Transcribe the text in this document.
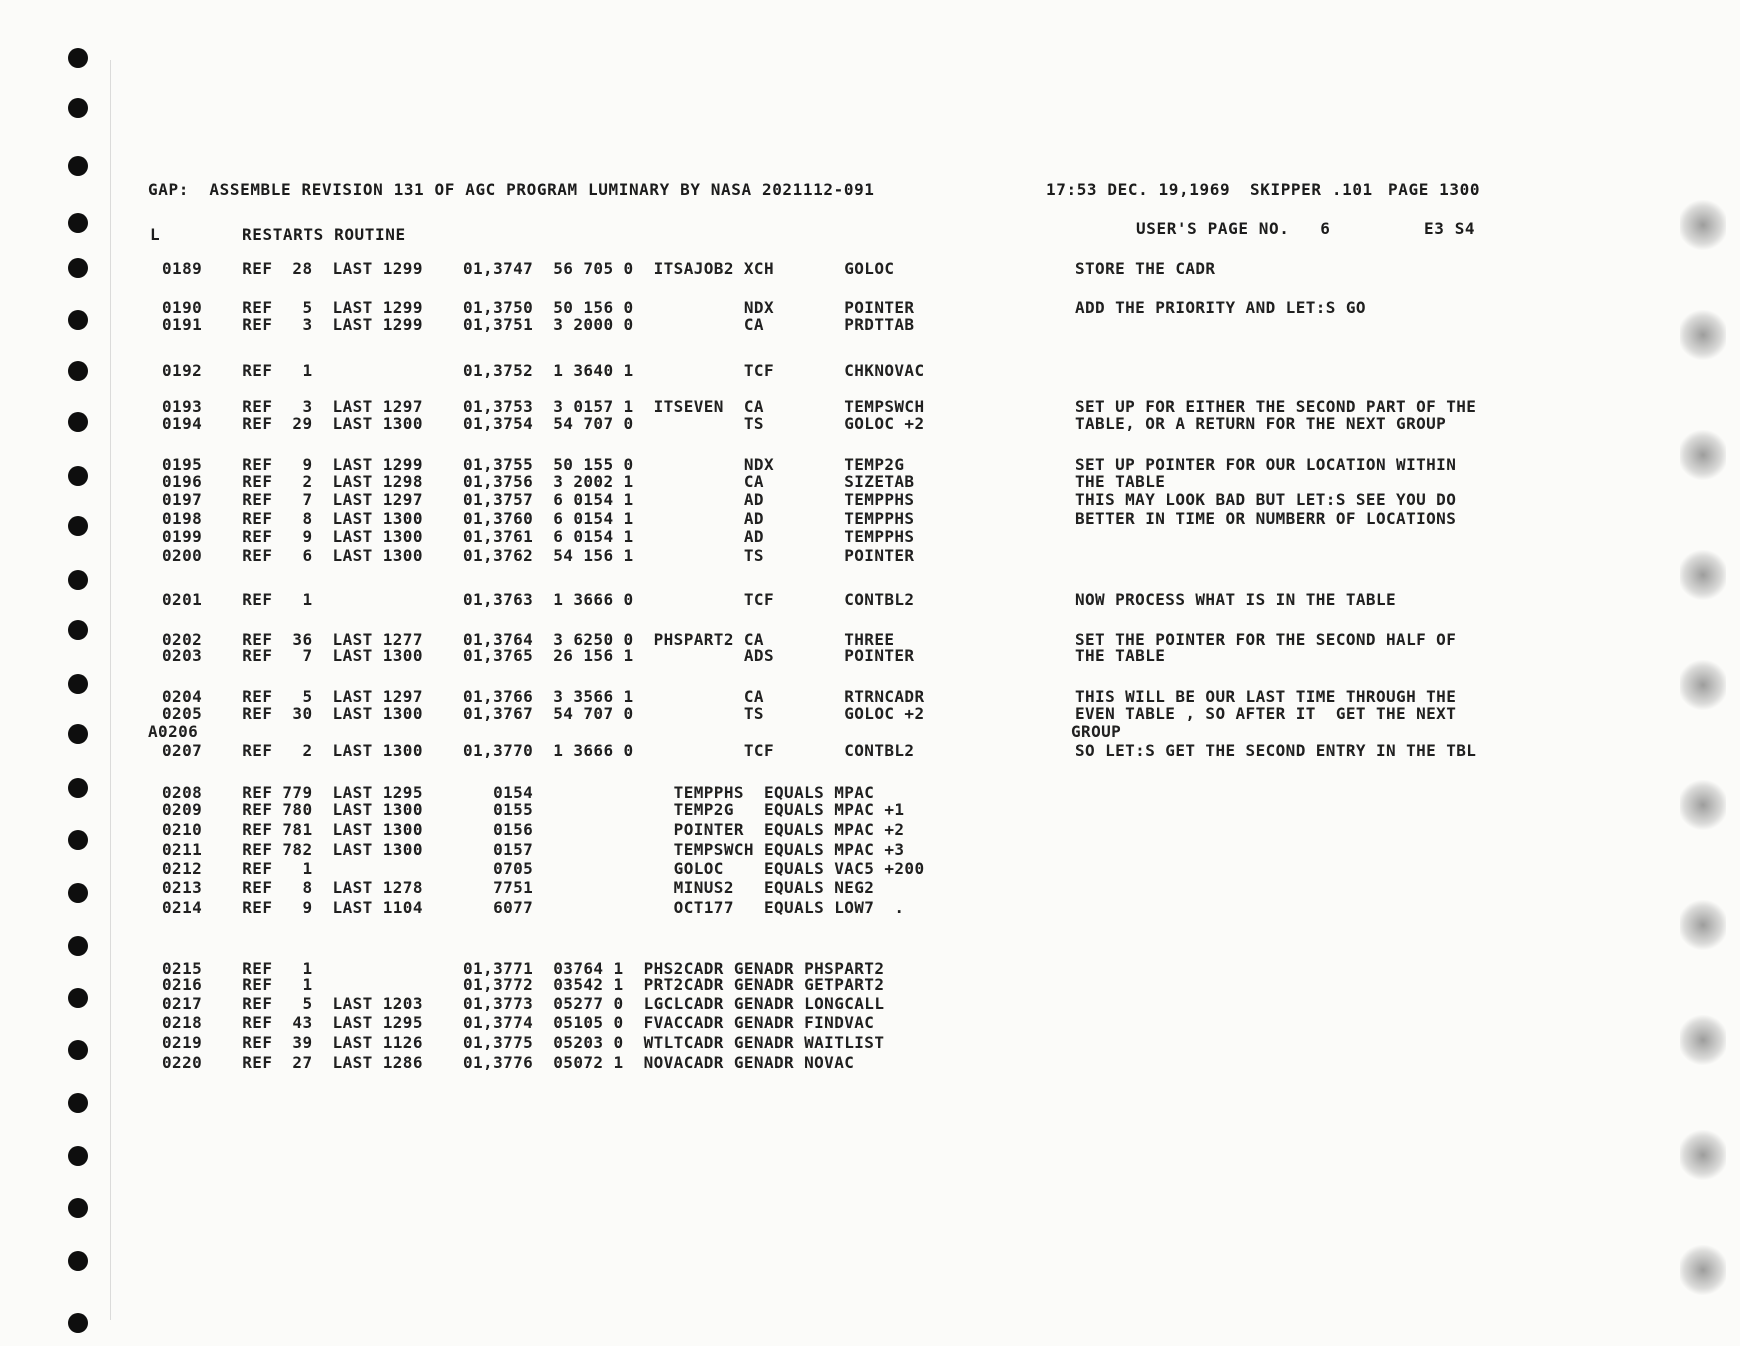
GAP:  ASSEMBLE REVISION 131 OF AGC PROGRAM LUMINARY BY NASA 2021112-091	17:53 DEC. 19,1969 SKIPPER .101 PAGE 1300
L	RESTARTS ROUTINE	USER'S PAGE NO.   6	E3 S4
0189    REF  28  LAST 1299    01,3747  56 705 0  ITSAJOB2 XCH       GOLOC                  STORE THE CADR
0190    REF   5  LAST 1299    01,3750  50 156 0           NDX       POINTER                ADD THE PRIORITY AND LET:S GO
0191    REF   3  LAST 1299    01,3751  3 2000 0           CA        PRDTTAB
0192    REF   1               01,3752  1 3640 1           TCF       CHKNOVAC
0193    REF   3  LAST 1297    01,3753  3 0157 1  ITSEVEN  CA        TEMPSWCH               SET UP FOR EITHER THE SECOND PART OF THE
0194    REF  29  LAST 1300    01,3754  54 707 0           TS        GOLOC +2               TABLE, OR A RETURN FOR THE NEXT GROUP
0195    REF   9  LAST 1299    01,3755  50 155 0           NDX       TEMP2G                 SET UP POINTER FOR OUR LOCATION WITHIN
0196    REF   2  LAST 1298    01,3756  3 2002 1           CA        SIZETAB                THE TABLE
0197    REF   7  LAST 1297    01,3757  6 0154 1           AD        TEMPPHS                THIS MAY LOOK BAD BUT LET:S SEE YOU DO
0198    REF   8  LAST 1300    01,3760  6 0154 1           AD        TEMPPHS                BETTER IN TIME OR NUMBERR OF LOCATIONS
0199    REF   9  LAST 1300    01,3761  6 0154 1           AD        TEMPPHS
0200    REF   6  LAST 1300    01,3762  54 156 1           TS        POINTER
0201    REF   1               01,3763  1 3666 0           TCF       CONTBL2                NOW PROCESS WHAT IS IN THE TABLE
0202    REF  36  LAST 1277    01,3764  3 6250 0  PHSPART2 CA        THREE                  SET THE POINTER FOR THE SECOND HALF OF
0203    REF   7  LAST 1300    01,3765  26 156 1           ADS       POINTER                THE TABLE
0204    REF   5  LAST 1297    01,3766  3 3566 1           CA        RTRNCADR               THIS WILL BE OUR LAST TIME THROUGH THE
0205    REF  30  LAST 1300    01,3767  54 707 0           TS        GOLOC +2               EVEN TABLE , SO AFTER IT  GET THE NEXT
A0206                                                                                       GROUP
0207    REF   2  LAST 1300    01,3770  1 3666 0           TCF       CONTBL2                SO LET:S GET THE SECOND ENTRY IN THE TBL
0208    REF 779  LAST 1295       0154              TEMPPHS  EQUALS MPAC
0209    REF 780  LAST 1300       0155              TEMP2G   EQUALS MPAC +1
0210    REF 781  LAST 1300       0156              POINTER  EQUALS MPAC +2
0211    REF 782  LAST 1300       0157              TEMPSWCH EQUALS MPAC +3
0212    REF   1                  0705              GOLOC    EQUALS VAC5 +200
0213    REF   8  LAST 1278       7751              MINUS2   EQUALS NEG2
0214    REF   9  LAST 1104       6077              OCT177   EQUALS LOW7  .
0215    REF   1               01,3771  03764 1  PHS2CADR GENADR PHSPART2
0216    REF   1               01,3772  03542 1  PRT2CADR GENADR GETPART2
0217    REF   5  LAST 1203    01,3773  05277 0  LGCLCADR GENADR LONGCALL
0218    REF  43  LAST 1295    01,3774  05105 0  FVACCADR GENADR FINDVAC
0219    REF  39  LAST 1126    01,3775  05203 0  WTLTCADR GENADR WAITLIST
0220    REF  27  LAST 1286    01,3776  05072 1  NOVACADR GENADR NOVAC
